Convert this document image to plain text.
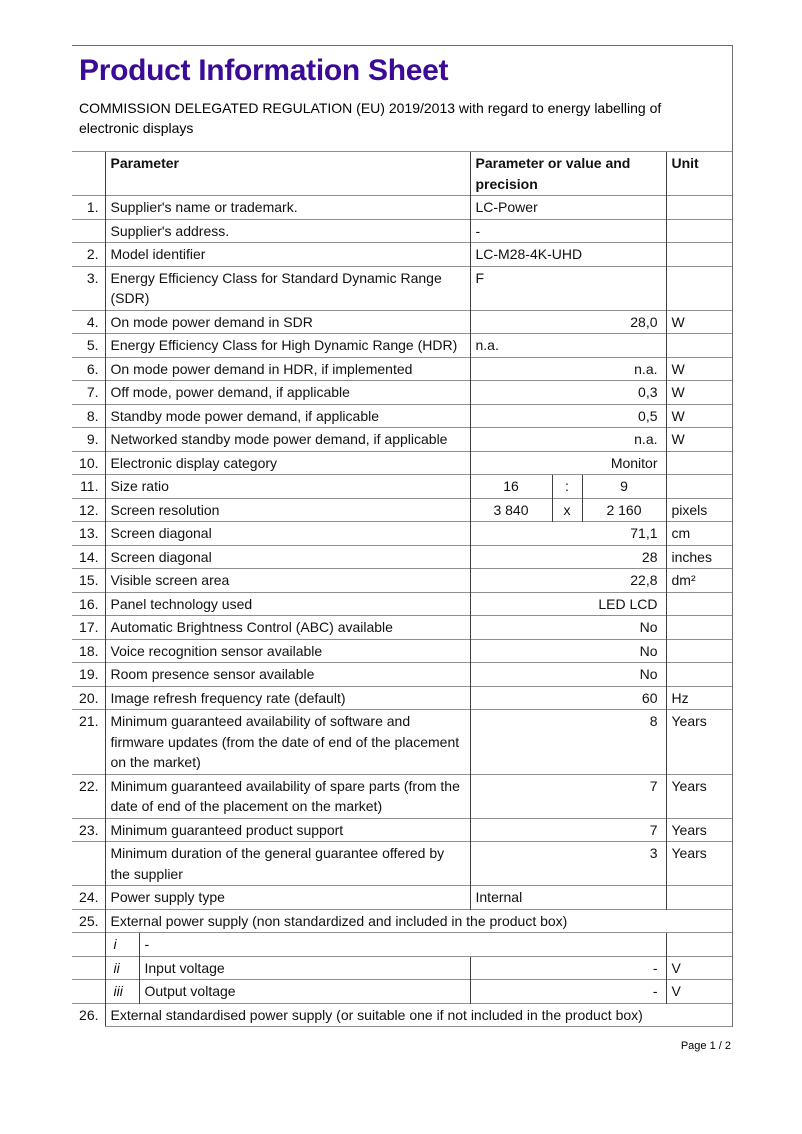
Product Information Sheet
COMMISSION DELEGATED REGULATION (EU) 2019/2013 with regard to energy labelling of electronic displays
	Parameter		Parameter or value and precision			Unit
1.	Supplier's name or trademark.		LC-Power			
	Supplier's address.		-			
2.	Model identifier		LC-M28-4K-UHD			
3.	Energy Efficiency Class for Standard Dynamic Range (SDR)		F			
4.	On mode power demand in SDR		28,0			W
5.	Energy Efficiency Class for High Dynamic Range (HDR)		n.a.			
6.	On mode power demand in HDR, if implemented		n.a.			W
7.	Off mode, power demand, if applicable		0,3			W
8.	Standby mode power demand, if applicable		0,5			W
9.	Networked standby mode power demand, if applicable		n.a.			W
10.	Electronic display category		Monitor			
11.	Size ratio		16	:	9	
12.	Screen resolution		3 840	x	2 160	pixels
13.	Screen diagonal		71,1			cm
14.	Screen diagonal		28			inches
15.	Visible screen area		22,8			dm²
16.	Panel technology used		LED LCD			
17.	Automatic Brightness Control (ABC) available		No			
18.	Voice recognition sensor available		No			
19.	Room presence sensor available		No			
20.	Image refresh frequency rate (default)		60			Hz
21.	Minimum guaranteed availability of software and firmware updates (from the date of end of the placement on the market)		8			Years
22.	Minimum guaranteed availability of spare parts (from the date of end of the placement on the market)		7			Years
23.	Minimum guaranteed product support		7			Years
	Minimum duration of the general guarantee offered by the supplier		3			Years
24.	Power supply type		Internal			
25.	External power supply (non standardized and included in the product box)					
	i	-				
	ii	Input voltage	-			V
	iii	Output voltage	-			V
26.	External standardised power supply (or suitable one if not included in the product box)					
Page 1 / 2
